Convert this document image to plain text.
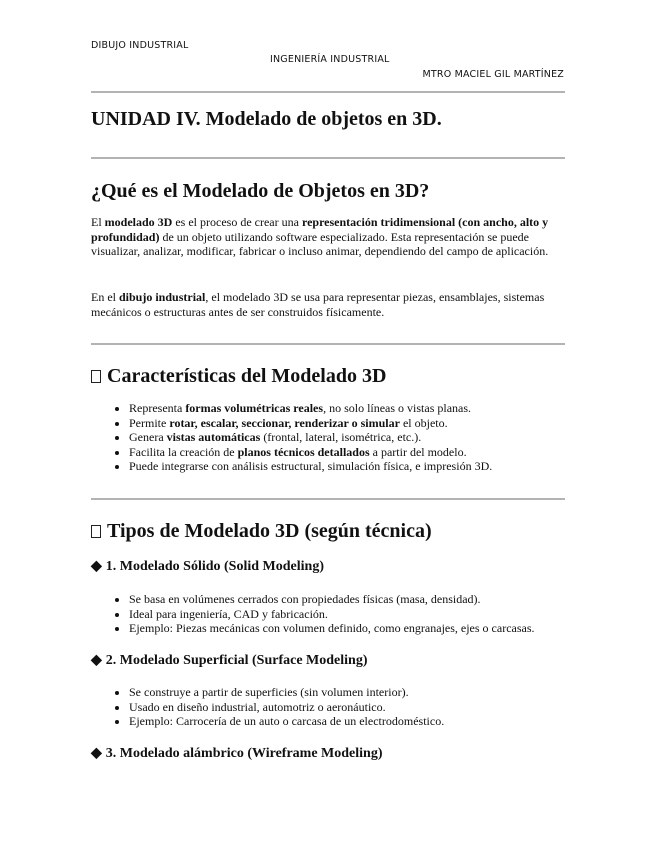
DIBUJO INDUSTRIAL
INGENIERÍA INDUSTRIAL
MTRO MACIEL GIL MARTÍNEZ
UNIDAD IV. Modelado de objetos en 3D.
¿Qué es el Modelado de Objetos en 3D?

El modelado 3D es el proceso de crear una representación tridimensional (con ancho, alto y profundidad) de un objeto utilizando software especializado. Esta representación se puede visualizar, analizar, modificar, fabricar o incluso animar, dependiendo del campo de aplicación.

En el dibujo industrial, el modelado 3D se usa para representar piezas, ensamblajes, sistemas mecánicos o estructuras antes de ser construidos físicamente.

Características del Modelado 3D
• Representa formas volumétricas reales, no solo líneas o vistas planas.
• Permite rotar, escalar, seccionar, renderizar o simular el objeto.
• Genera vistas automáticas (frontal, lateral, isométrica, etc.).
• Facilita la creación de planos técnicos detallados a partir del modelo.
• Puede integrarse con análisis estructural, simulación física, e impresión 3D.
Tipos de Modelado 3D (según técnica)
◆ 1. Modelado Sólido (Solid Modeling)
• Se basa en volúmenes cerrados con propiedades físicas (masa, densidad).
• Ideal para ingeniería, CAD y fabricación.
• Ejemplo: Piezas mecánicas con volumen definido, como engranajes, ejes o carcasas.
◆ 2. Modelado Superficial (Surface Modeling)
• Se construye a partir de superficies (sin volumen interior).
• Usado en diseño industrial, automotriz o aeronáutico.
• Ejemplo: Carrocería de un auto o carcasa de un electrodoméstico.
◆ 3. Modelado alámbrico (Wireframe Modeling)
